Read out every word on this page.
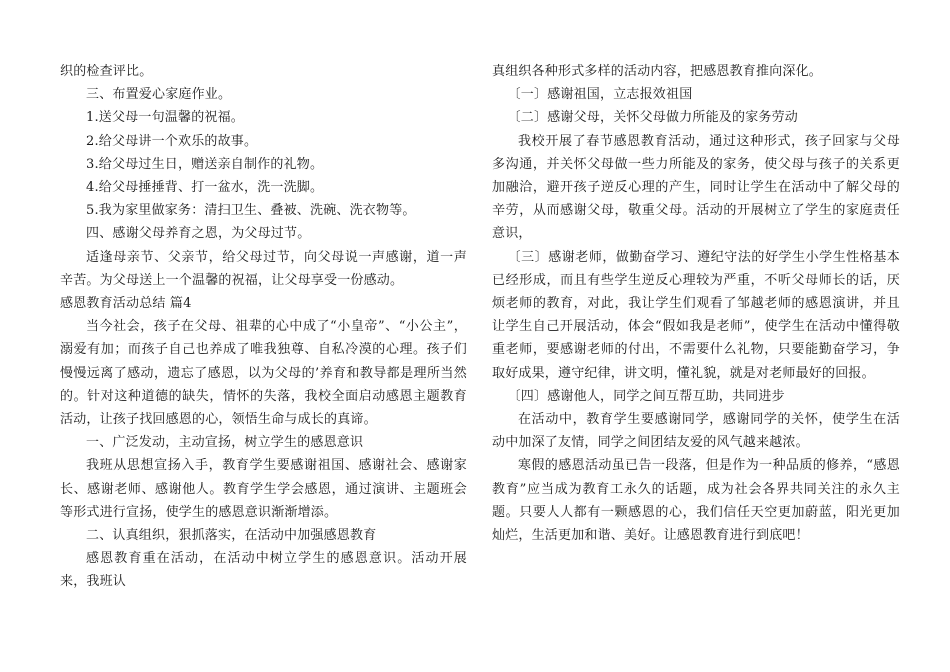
织的检查评比。

三、布置爱心家庭作业。

1.送父母一句温馨的祝福。

2.给父母讲一个欢乐的故事。

3.给父母过生日，赠送亲自制作的礼物。

4.给父母捶捶背、打一盆水，洗一洗脚。

5.我为家里做家务：清扫卫生、叠被、洗碗、洗衣物等。

四、感谢父母养育之恩，为父母过节。

适逢母亲节、父亲节，给父母过节，向父母说一声感谢，道一声辛苦。为父母送上一个温馨的祝福，让父母享受一份感动。

感恩教育活动总结 篇4

当今社会，孩子在父母、祖辈的心中成了“小皇帝”、“小公主”，溺爱有加；而孩子自己也养成了唯我独尊、自私冷漠的心理。孩子们慢慢远离了感动，遗忘了感恩，以为父母的’养育和教导都是理所当然的。针对这种道德的缺失，情怀的失落，我校全面启动感恩主题教育活动，让孩子找回感恩的心，领悟生命与成长的真谛。

一、广泛发动，主动宣扬，树立学生的感恩意识

我班从思想宣扬入手，教育学生要感谢祖国、感谢社会、感谢家长、感谢老师、感谢他人。教育学生学会感恩，通过演讲、主题班会等形式进行宣扬，使学生的感恩意识渐渐增添。

二、认真组织，狠抓落实，在活动中加强感恩教育

感恩教育重在活动，在活动中树立学生的感恩意识。活动开展来，我班认

真组织各种形式多样的活动内容，把感恩教育推向深化。

〔一〕感谢祖国，立志报效祖国

〔二〕感谢父母，关怀父母做力所能及的家务劳动

我校开展了春节感恩教育活动，通过这种形式，孩子回家与父母多沟通，并关怀父母做一些力所能及的家务，使父母与孩子的关系更加融洽，避开孩子逆反心理的产生，同时让学生在活动中了解父母的辛劳，从而感谢父母，敬重父母。活动的开展树立了学生的家庭责任意识，

〔三〕感谢老师，做勤奋学习、遵纪守法的好学生小学生性格基本已经形成，而且有些学生逆反心理较为严重，不听父母师长的话，厌烦老师的教育，对此，我让学生们观看了邹越老师的感恩演讲，并且让学生自己开展活动，体会“假如我是老师”，使学生在活动中懂得敬重老师，要感谢老师的付出，不需要什么礼物，只要能勤奋学习，争取好成果，遵守纪律，讲文明，懂礼貌，就是对老师最好的回报。

〔四〕感谢他人，同学之间互帮互助，共同进步

在活动中，教育学生要感谢同学，感谢同学的关怀，使学生在活动中加深了友情，同学之间团结友爱的风气越来越浓。

寒假的感恩活动虽已告一段落，但是作为一种品质的修养，“感恩教育”应当成为教育工永久的话题，成为社会各界共同关注的永久主题。只要人人都有一颗感恩的心，我们信任天空更加蔚蓝，阳光更加灿烂，生活更加和谐、美好。让感恩教育进行到底吧！
